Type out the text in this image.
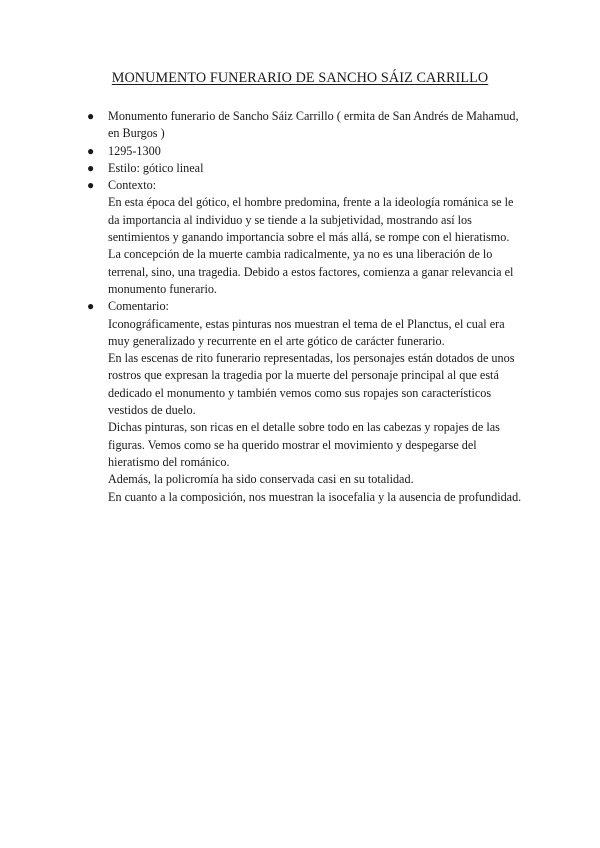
MONUMENTO FUNERARIO DE SANCHO SÁIZ CARRILLO
● Monumento funerario de Sancho Sáiz Carrillo ( ermita de San Andrés de Mahamud, en Burgos )

● 1295-1300

● Estilo: gótico lineal

● Contexto:

En esta época del gótico, el hombre predomina, frente a la ideología románica se le da importancia al individuo y se tiende a la subjetividad, mostrando así los sentimientos y ganando importancia sobre el más allá, se rompe con el hieratismo.

La concepción de la muerte cambia radicalmente, ya no es una liberación de lo terrenal, sino, una tragedia. Debido a estos factores, comienza a ganar relevancia el monumento funerario.

● Comentario:

Iconográficamente, estas pinturas nos muestran el tema de el Planctus, el cual era muy generalizado y recurrente en el arte gótico de carácter funerario.

En las escenas de rito funerario representadas, los personajes están dotados de unos rostros que expresan la tragedia por la muerte del personaje principal al que está dedicado el monumento y también vemos como sus ropajes son característicos vestidos de duelo.

Dichas pinturas, son ricas en el detalle sobre todo en las cabezas y ropajes de las figuras. Vemos como se ha querido mostrar el movimiento y despegarse del hieratismo del románico.

Además, la policromía ha sido conservada casi en su totalidad.

En cuanto a la composición, nos muestran la isocefalia y la ausencia de profundidad.
